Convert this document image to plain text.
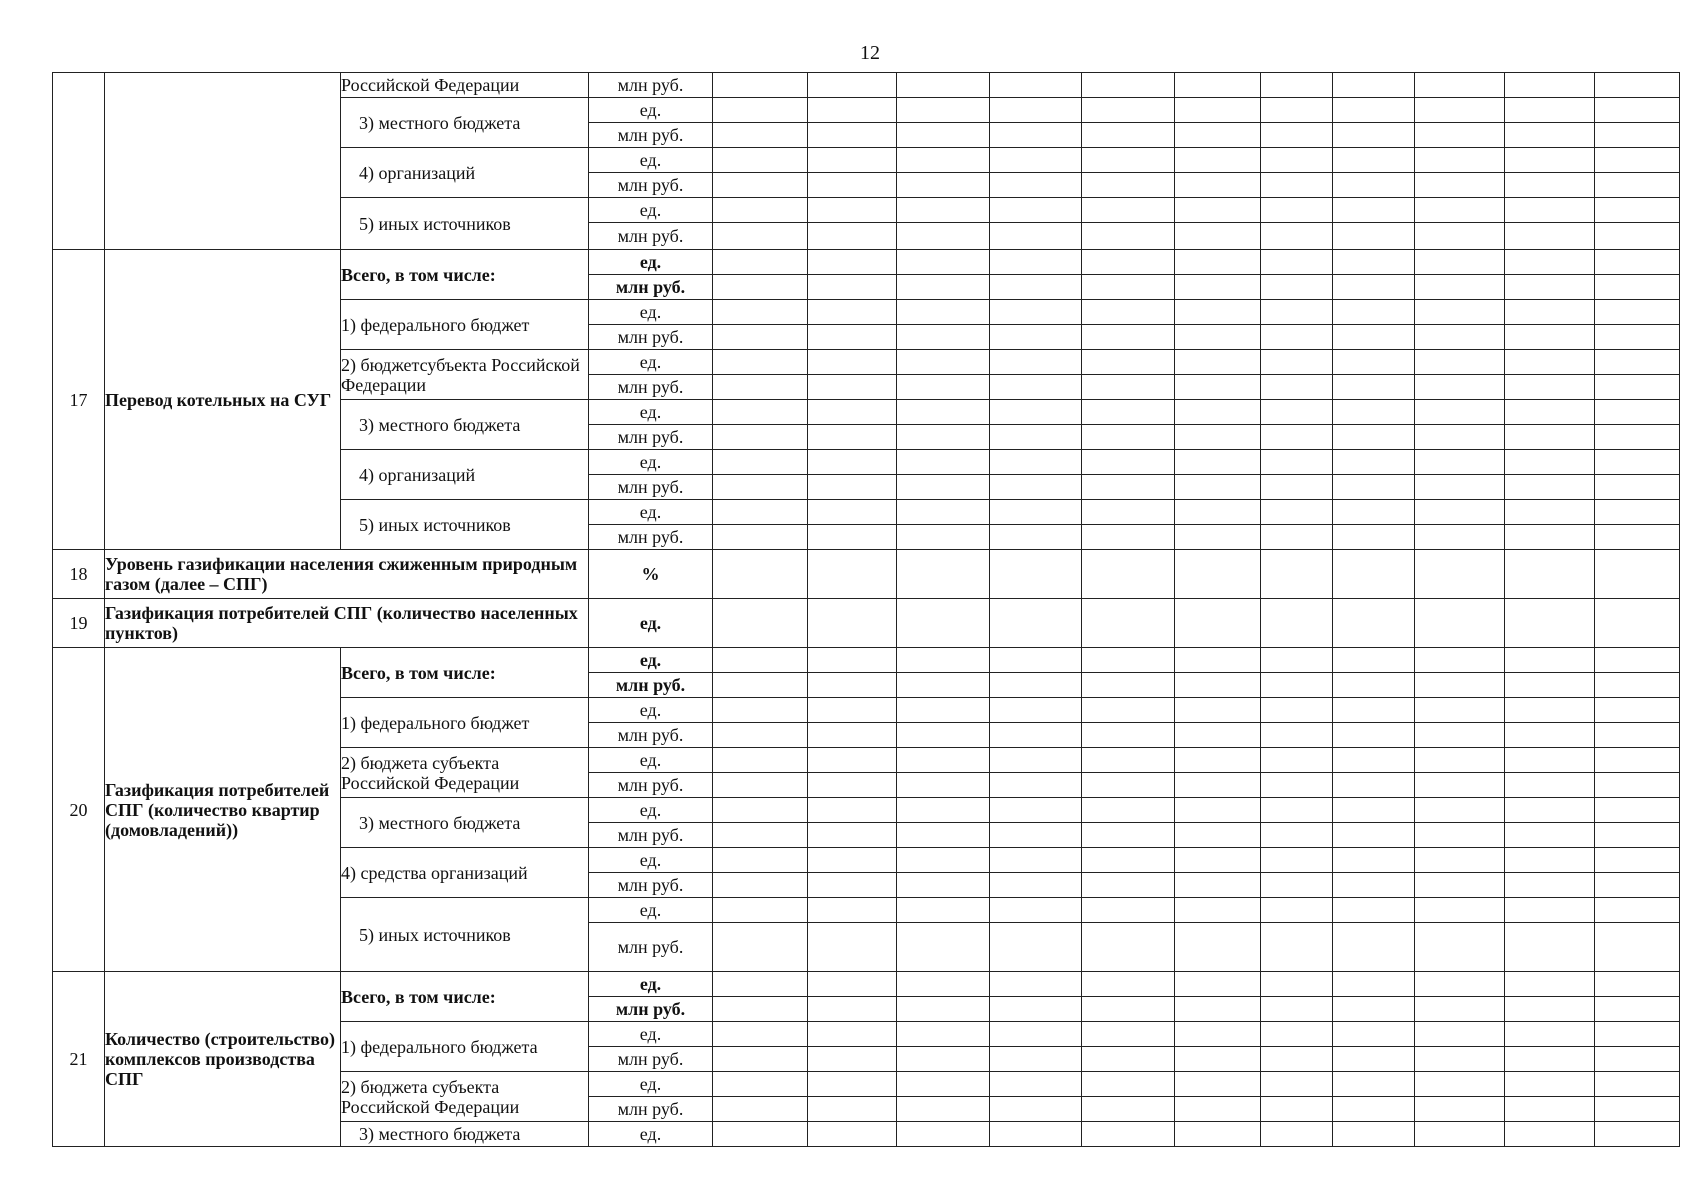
12
		Российской Федерации	млн руб.											
		3) местного бюджета	ед.											
			млн руб.											
		4) организаций	ед.											
			млн руб.											
		5) иных источников	ед.											
			млн руб.											
17	Перевод котельных на СУГ	Всего, в том числе:	ед.											
			млн руб.											
		1) федерального бюджет	ед.											
			млн руб.											
		2) бюджетсубъекта Российской Федерации	ед.											
			млн руб.											
		3) местного бюджета	ед.											
			млн руб.											
		4) организаций	ед.											
			млн руб.											
		5) иных источников	ед.											
			млн руб.											
18	Уровень газификации населения сжиженным природным газом (далее – СПГ)		%											
19	Газификация потребителей СПГ (количество населенных пунктов)		ед.											
20	Газификация потребителей СПГ (количество квартир (домовладений))	Всего, в том числе:	ед.											
			млн руб.											
		1) федерального бюджет	ед.											
			млн руб.											
		2) бюджета субъекта Российской Федерации	ед.											
			млн руб.											
		3) местного бюджета	ед.											
			млн руб.											
		4) средства организаций	ед.											
			млн руб.											
		5) иных источников	ед.											
			млн руб.											
21	Количество (строительство) комплексов производства СПГ	Всего, в том числе:	ед.											
			млн руб.											
		1) федерального бюджета	ед.											
			млн руб.											
		2) бюджета субъекта Российской Федерации	ед.											
			млн руб.											
		3) местного бюджета	ед.											
